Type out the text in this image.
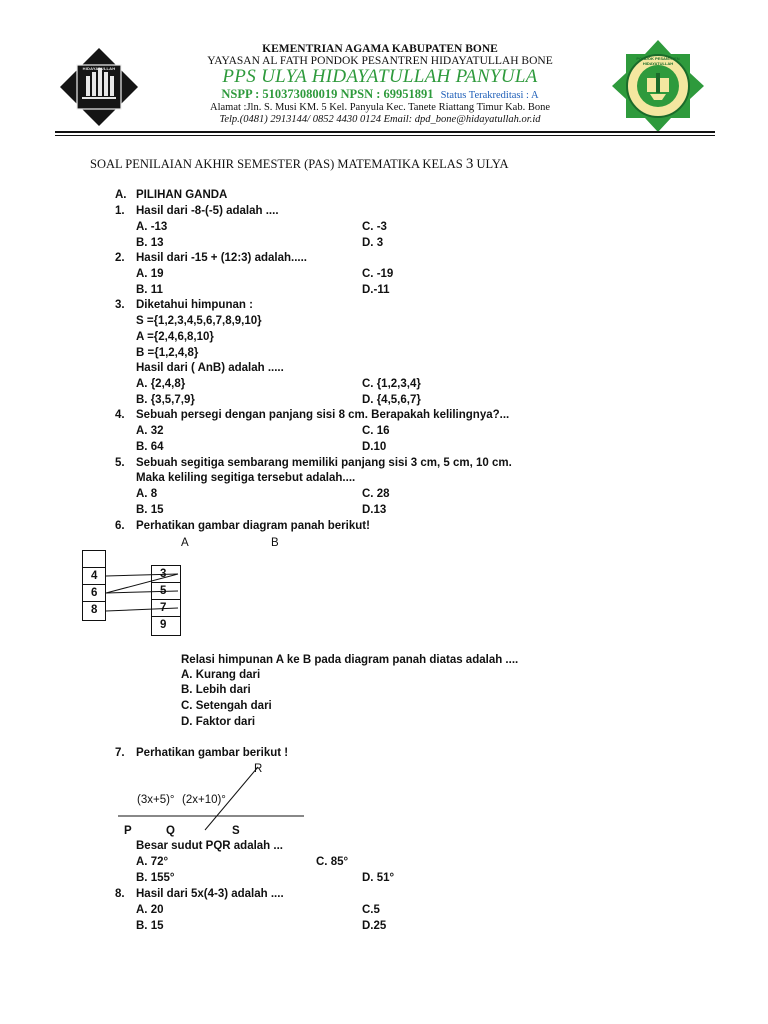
HIDAYATULLAH
PONDOK PESANTREN HIDAYATULLAH
KEMENTRIAN AGAMA KABUPATEN BONE
YAYASAN AL FATH PONDOK PESANTREN HIDAYATULLAH BONE
PPS ULYA HIDAYATULLAH PANYULA
NSPP : 510373080019 NPSN : 69951891 Status Terakreditasi : A
Alamat :Jln. S. Musi KM. 5 Kel. Panyula Kec. Tanete Riattang Timur Kab. Bone
Telp.(0481) 2913144/ 0852 4430 0124 Email: dpd_bone@hidayatullah.or.id
SOAL PENILAIAN AKHIR SEMESTER (PAS) MATEMATIKA KELAS 3 ULYA
A. PILIHAN GANDA
1. Hasil dari -8-(-5) adalah ....
A. -13	C. -3
B. 13	D. 3
2. Hasil dari -15 + (12:3) adalah.....
A. 19	C. -19
B. 11	D.-11
3. Diketahui himpunan :
S ={1,2,3,4,5,6,7,8,9,10}
A ={2,4,6,8,10}
B ={1,2,4,8}
Hasil dari ( AnB) adalah .....
A. {2,4,8}	C. {1,2,3,4}
B. {3,5,7,9}	D. {4,5,6,7}
4. Sebuah persegi dengan panjang sisi 8 cm. Berapakah kelilingnya?...
A. 32	C. 16
B. 64	D.10
5. Sebuah segitiga sembarang memiliki panjang sisi 3 cm, 5 cm, 10 cm.
Maka keliling segitiga tersebut adalah....
A. 8	C. 28
B. 15	D.13
6. Perhatikan gambar diagram panah berikut!
A	B
4
6
8	7
9
Relasi himpunan A ke B pada diagram panah diatas adalah ....
A. Kurang dari
B. Lebih dari
C. Setengah dari
D. Faktor dari
7. Perhatikan gambar berikut !
R
(3x+5)° (2x+10)°
P	Q	S
Besar sudut PQR adalah ...
A. 72°	C. 85°
B. 155°	D. 51°
8. Hasil dari 5x(4-3) adalah ....
A. 20	C.5
B. 15	D.25
